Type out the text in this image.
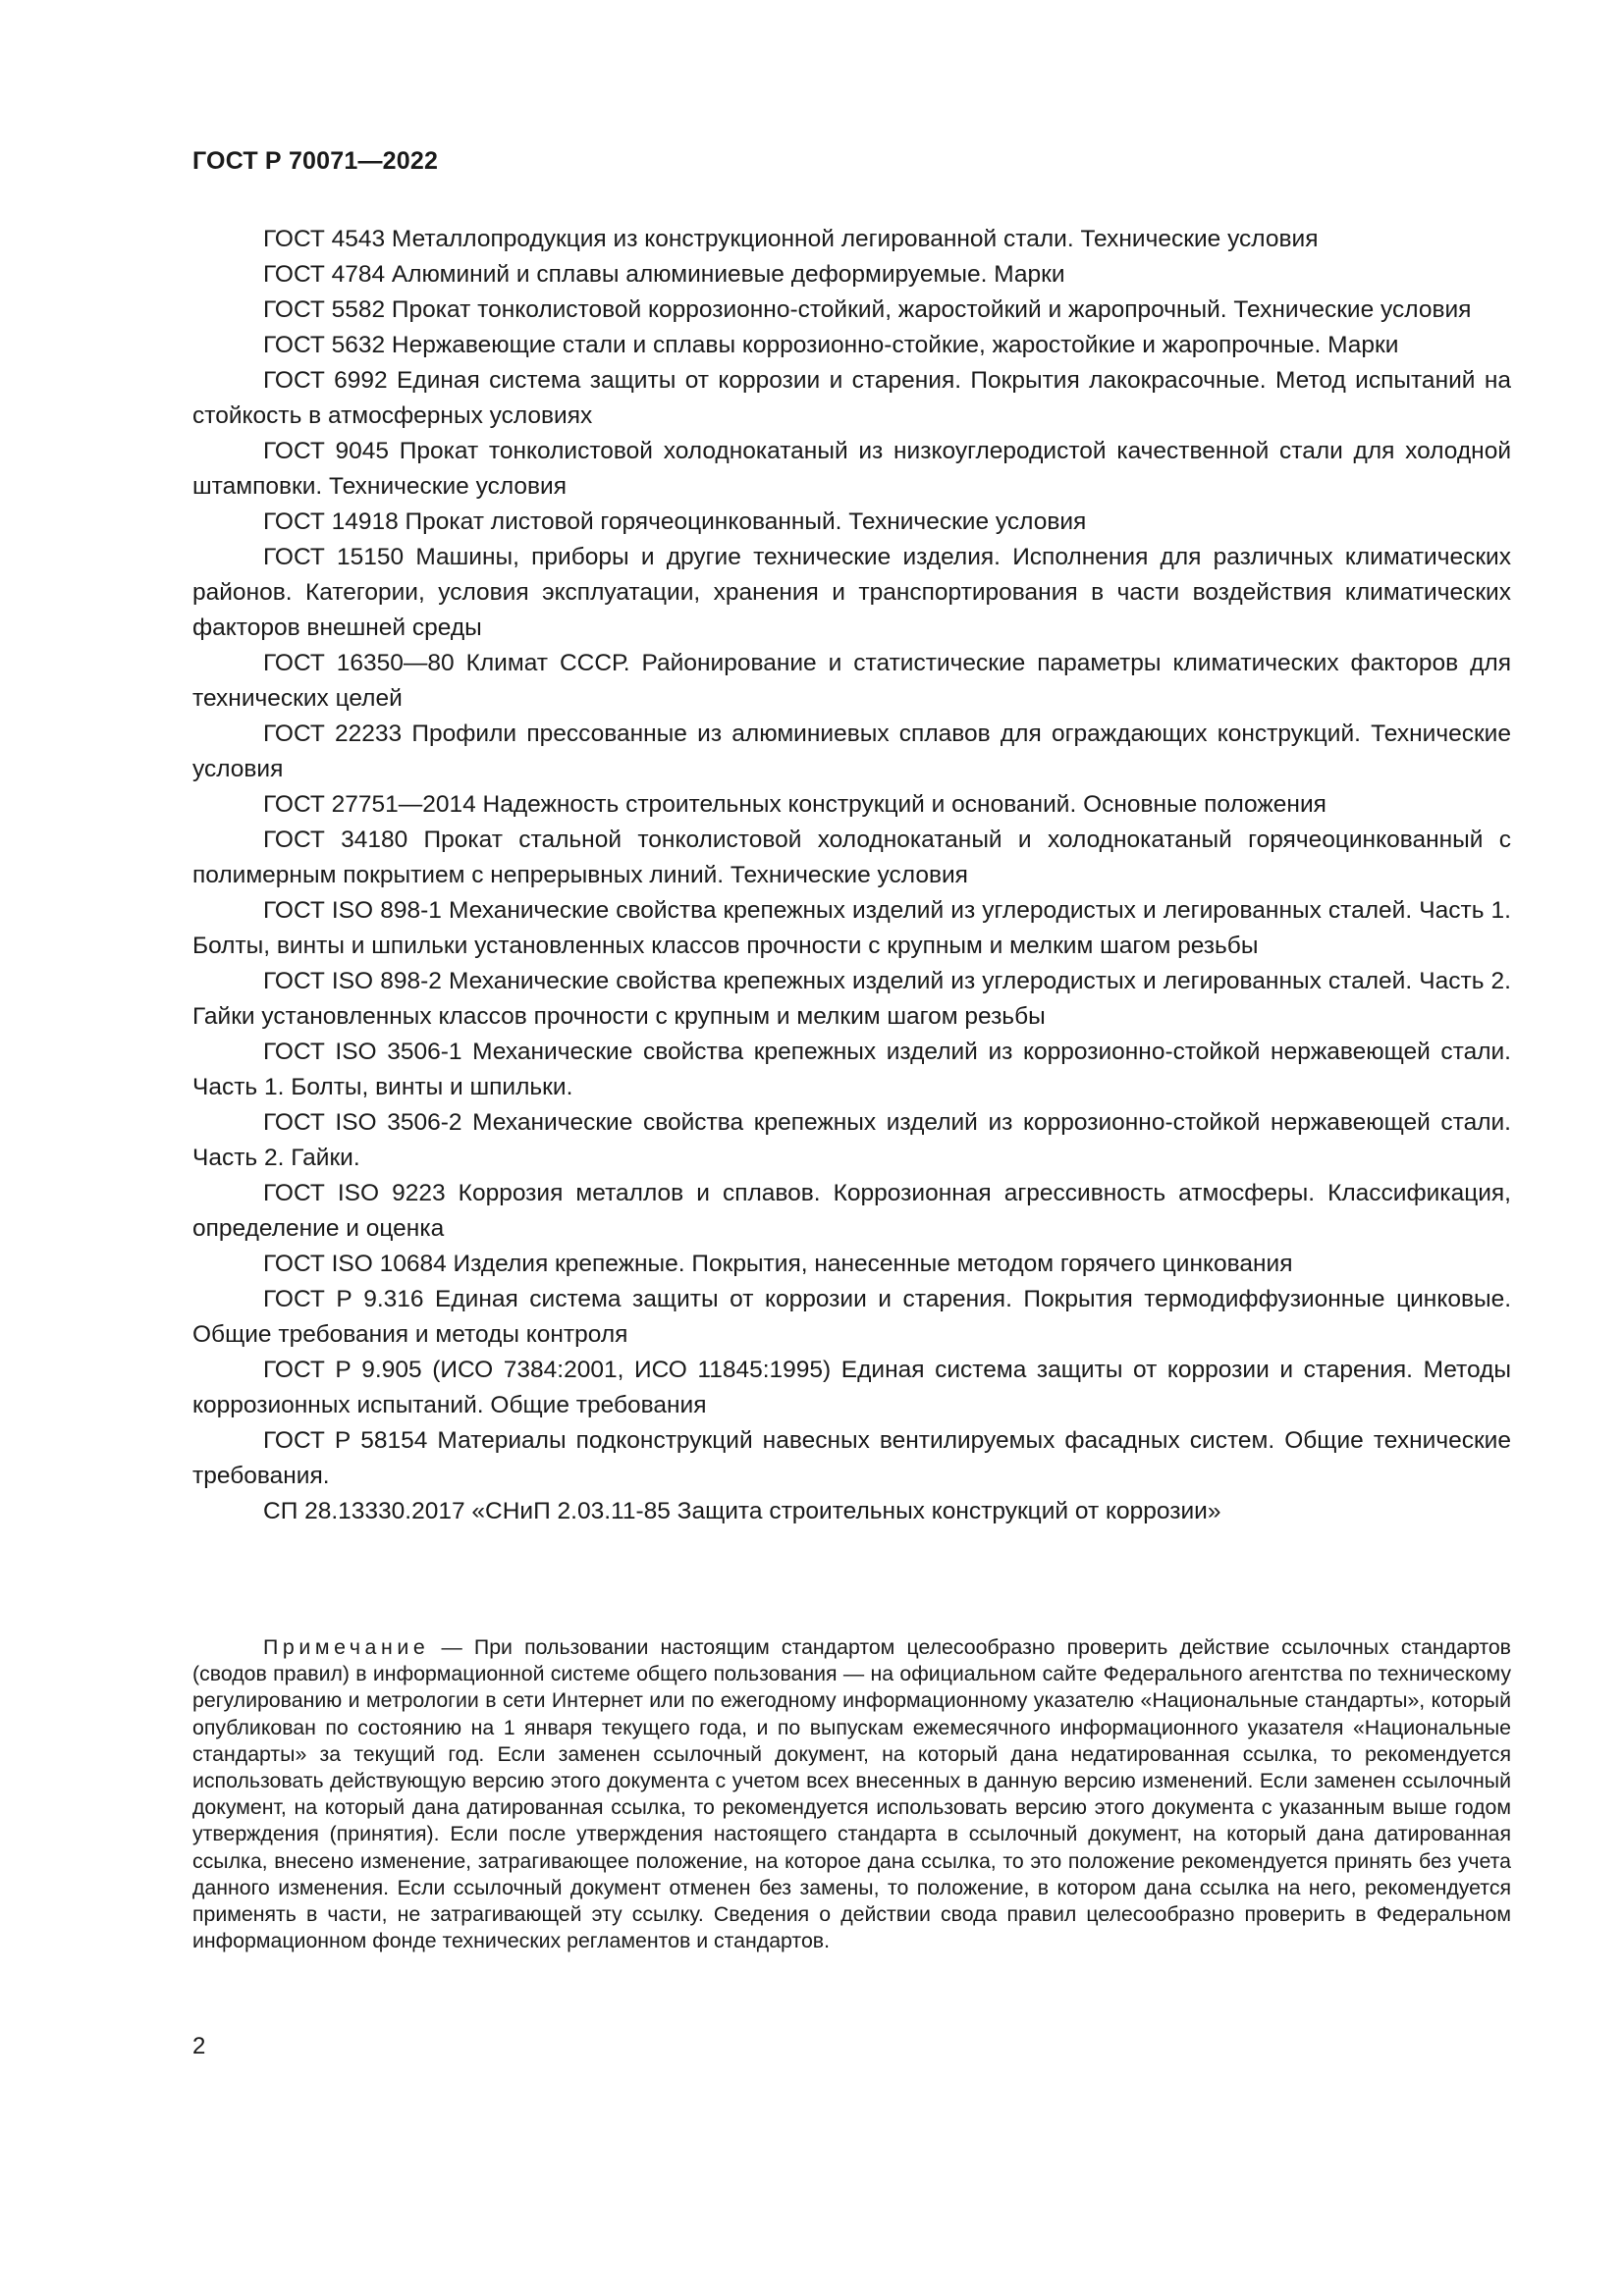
ГОСТ Р 70071—2022

ГОСТ 4543 Металлопродукция из конструкционной легированной стали. Технические условия

ГОСТ 4784 Алюминий и сплавы алюминиевые деформируемые. Марки

ГОСТ 5582 Прокат тонколистовой коррозионно-стойкий, жаростойкий и жаропрочный. Технические условия

ГОСТ 5632 Нержавеющие стали и сплавы коррозионно-стойкие, жаростойкие и жаропрочные. Марки

ГОСТ 6992 Единая система защиты от коррозии и старения. Покрытия лакокрасочные. Метод испытаний на стойкость в атмосферных условиях

ГОСТ 9045 Прокат тонколистовой холоднокатаный из низкоуглеродистой качественной стали для холодной штамповки. Технические условия

ГОСТ 14918 Прокат листовой горячеоцинкованный. Технические условия

ГОСТ 15150 Машины, приборы и другие технические изделия. Исполнения для различных климатических районов. Категории, условия эксплуатации, хранения и транспортирования в части воздействия климатических факторов внешней среды

ГОСТ 16350—80 Климат СССР. Районирование и статистические параметры климатических факторов для технических целей

ГОСТ 22233 Профили прессованные из алюминиевых сплавов для ограждающих конструкций. Технические условия

ГОСТ 27751—2014 Надежность строительных конструкций и оснований. Основные положения

ГОСТ 34180 Прокат стальной тонколистовой холоднокатаный и холоднокатаный горячеоцинкованный с полимерным покрытием с непрерывных линий. Технические условия

ГОСТ ISO 898-1 Механические свойства крепежных изделий из углеродистых и легированных сталей. Часть 1. Болты, винты и шпильки установленных классов прочности с крупным и мелким шагом резьбы

ГОСТ ISO 898-2 Механические свойства крепежных изделий из углеродистых и легированных сталей. Часть 2. Гайки установленных классов прочности с крупным и мелким шагом резьбы

ГОСТ ISO 3506-1 Механические свойства крепежных изделий из коррозионно-стойкой нержавеющей стали. Часть 1. Болты, винты и шпильки.

ГОСТ ISO 3506-2 Механические свойства крепежных изделий из коррозионно-стойкой нержавеющей стали. Часть 2. Гайки.

ГОСТ ISO 9223 Коррозия металлов и сплавов. Коррозионная агрессивность атмосферы. Классификация, определение и оценка

ГОСТ ISO 10684 Изделия крепежные. Покрытия, нанесенные методом горячего цинкования

ГОСТ Р 9.316 Единая система защиты от коррозии и старения. Покрытия термодиффузионные цинковые. Общие требования и методы контроля

ГОСТ Р 9.905 (ИСО 7384:2001, ИСО 11845:1995) Единая система защиты от коррозии и старения. Методы коррозионных испытаний. Общие требования

ГОСТ Р 58154 Материалы подконструкций навесных вентилируемых фасадных систем. Общие технические требования.

СП 28.13330.2017 «СНиП 2.03.11-85 Защита строительных конструкций от коррозии»

Примечание — При пользовании настоящим стандартом целесообразно проверить действие ссылочных стандартов (сводов правил) в информационной системе общего пользования — на официальном сайте Федерального агентства по техническому регулированию и метрологии в сети Интернет или по ежегодному информационному указателю «Национальные стандарты», который опубликован по состоянию на 1 января текущего года, и по выпускам ежемесячного информационного указателя «Национальные стандарты» за текущий год. Если заменен ссылочный документ, на который дана недатированная ссылка, то рекомендуется использовать действующую версию этого документа с учетом всех внесенных в данную версию изменений. Если заменен ссылочный документ, на который дана датированная ссылка, то рекомендуется использовать версию этого документа с указанным выше годом утверждения (принятия). Если после утверждения настоящего стандарта в ссылочный документ, на который дана датированная ссылка, внесено изменение, затрагивающее положение, на которое дана ссылка, то это положение рекомендуется принять без учета данного изменения. Если ссылочный документ отменен без замены, то положение, в котором дана ссылка на него, рекомендуется применять в части, не затрагивающей эту ссылку. Сведения о действии свода правил целесообразно проверить в Федеральном информационном фонде технических регламентов и стандартов.

2
